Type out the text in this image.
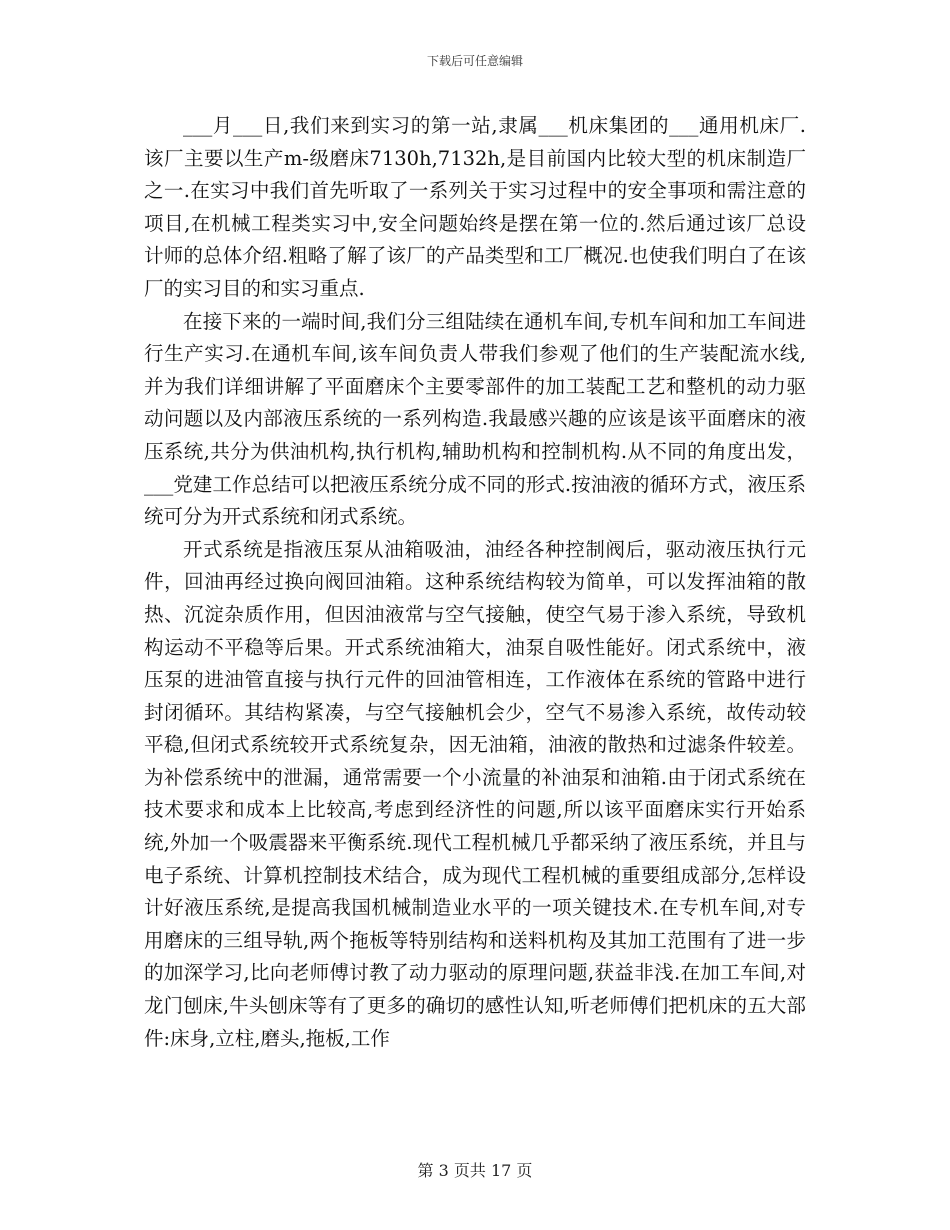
下载后可任意编辑

___月___日,我们来到实习的第一站,隶属___机床集团的___通用机床厂.该厂主要以生产m-级磨床7130h,7132h,是目前国内比较大型的机床制造厂之一.在实习中我们首先听取了一系列关于实习过程中的安全事项和需注意的项目,在机械工程类实习中,安全问题始终是摆在第一位的.然后通过该厂总设计师的总体介绍.粗略了解了该厂的产品类型和工厂概况.也使我们明白了在该厂的实习目的和实习重点.

在接下来的一端时间,我们分三组陆续在通机车间,专机车间和加工车间进行生产实习.在通机车间,该车间负责人带我们参观了他们的生产装配流水线,并为我们详细讲解了平面磨床个主要零部件的加工装配工艺和整机的动力驱动问题以及内部液压系统的一系列构造.我最感兴趣的应该是该平面磨床的液压系统,共分为供油机构,执行机构,辅助机构和控制机构.从不同的角度出发，___党建工作总结可以把液压系统分成不同的形式.按油液的循环方式，液压系统可分为开式系统和闭式系统。

开式系统是指液压泵从油箱吸油，油经各种控制阀后，驱动液压执行元件，回油再经过换向阀回油箱。这种系统结构较为简单，可以发挥油箱的散热、沉淀杂质作用，但因油液常与空气接触，使空气易于渗入系统，导致机构运动不平稳等后果。开式系统油箱大，油泵自吸性能好。闭式系统中，液压泵的进油管直接与执行元件的回油管相连，工作液体在系统的管路中进行封闭循环。其结构紧凑，与空气接触机会少，空气不易渗入系统，故传动较平稳,但闭式系统较开式系统复杂，因无油箱，油液的散热和过滤条件较差。为补偿系统中的泄漏，通常需要一个小流量的补油泵和油箱.由于闭式系统在技术要求和成本上比较高,考虑到经济性的问题,所以该平面磨床实行开始系统,外加一个吸震器来平衡系统.现代工程机械几乎都采纳了液压系统，并且与电子系统、计算机控制技术结合，成为现代工程机械的重要组成部分,怎样设计好液压系统,是提高我国机械制造业水平的一项关键技术.在专机车间,对专用磨床的三组导轨,两个拖板等特别结构和送料机构及其加工范围有了进一步的加深学习,比向老师傅讨教了动力驱动的原理问题,获益非浅.在加工车间,对龙门刨床,牛头刨床等有了更多的确切的感性认知,听老师傅们把机床的五大部件:床身,立柱,磨头,拖板,工作

第 3 页共 17 页
